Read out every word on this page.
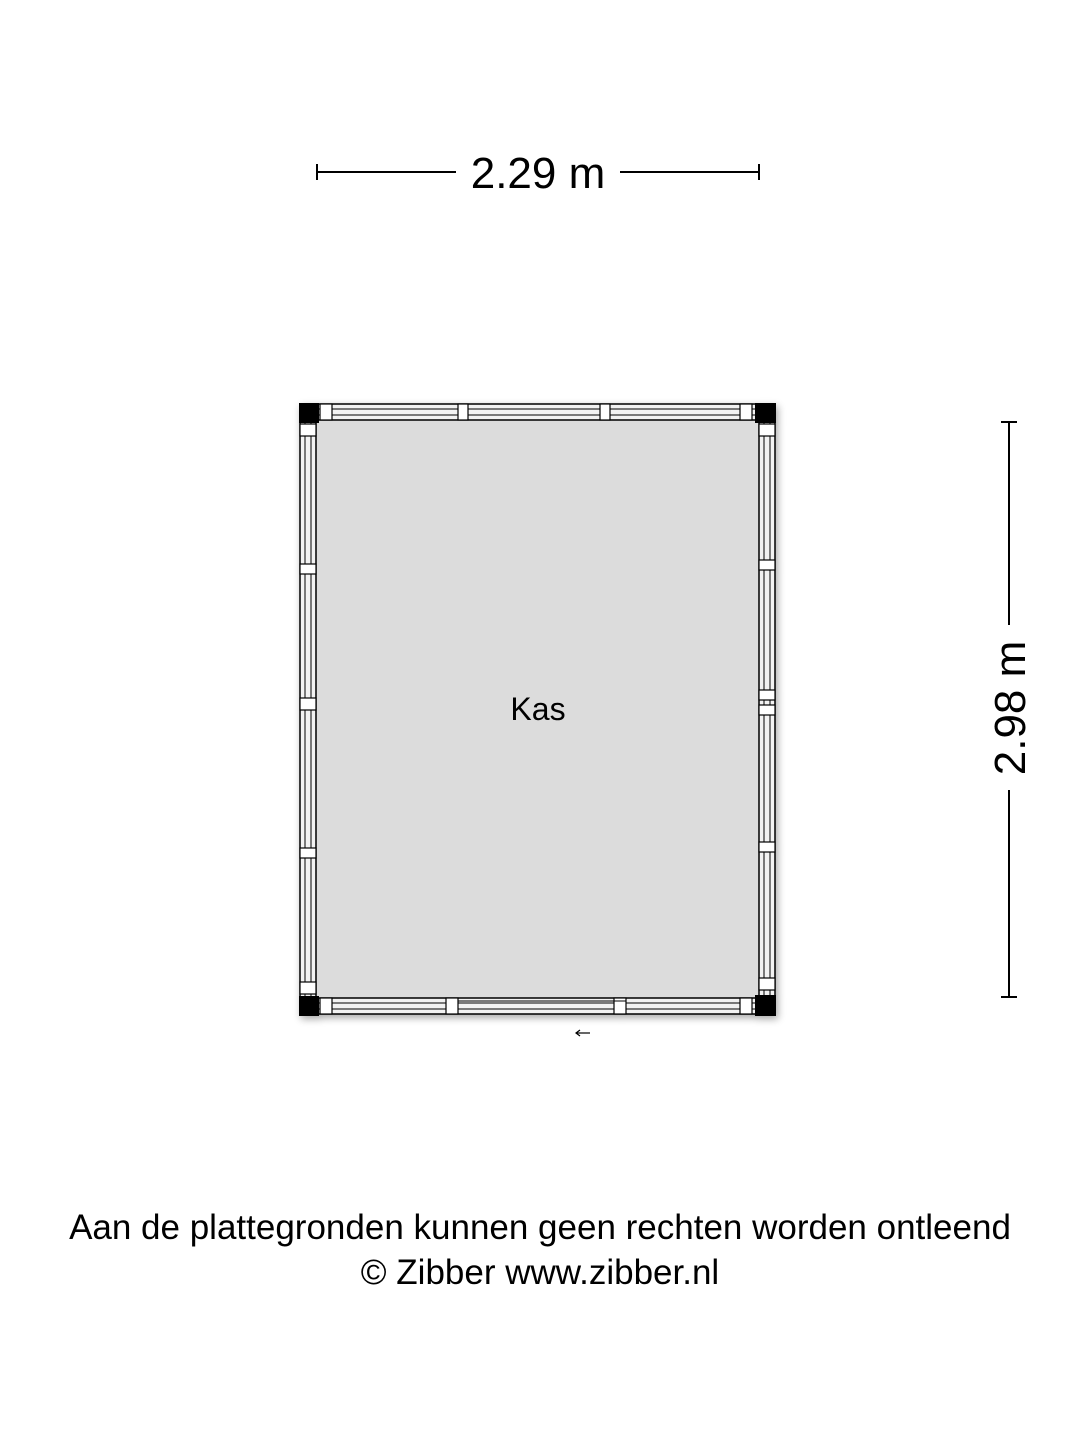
2.29 m
2.98 m
Kas
Aan de plattegronden kunnen geen rechten worden ontleend
© Zibber www.zibber.nl
